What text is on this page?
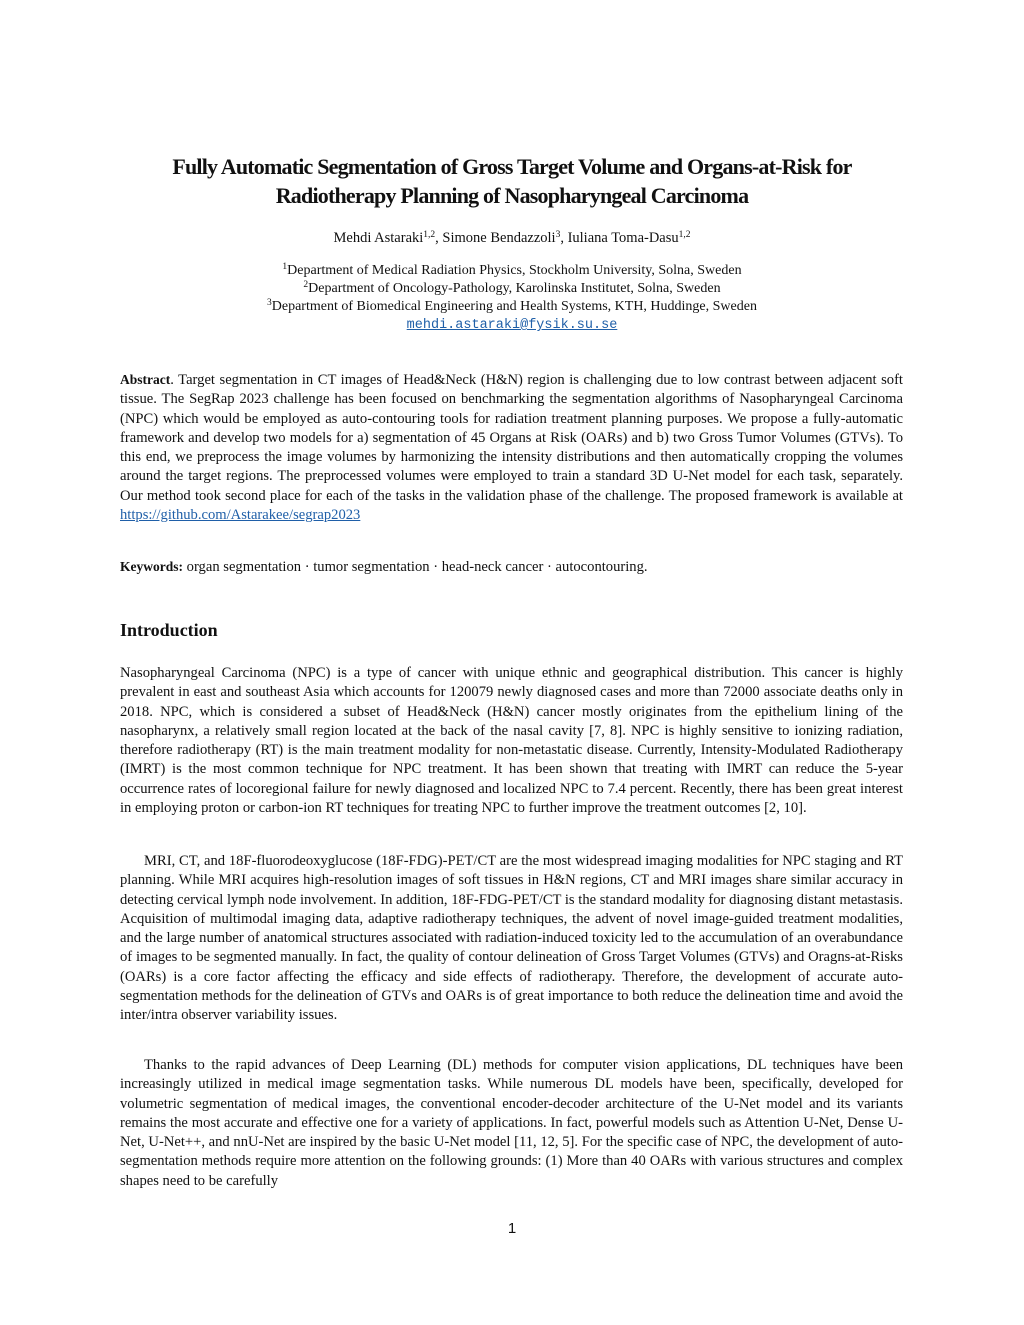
Fully Automatic Segmentation of Gross Target Volume and Organs-at-Risk for
Radiotherapy Planning of Nasopharyngeal Carcinoma

Mehdi Astaraki$^{1,2}$, Simone Bendazzoli$^3$, Iuliana Toma-Dasu$^{1,2}$

$^1$Department of Medical Radiation Physics, Stockholm University, Solna, Sweden
$^2$Department of Oncology-Pathology, Karolinska Institutet, Solna, Sweden
$^3$Department of Biomedical Engineering and Health Systems, KTH, Huddinge, Sweden
mehdi.astaraki@fysik.su.se

Abstract. Target segmentation in CT images of Head&Neck (H&N) region is challenging due to low contrast between adjacent soft tissue. The SegRap 2023 challenge has been focused on benchmarking the segmentation algorithms of Nasopharyngeal Carcinoma (NPC) which would be employed as auto-contouring tools for radiation treatment planning purposes. We propose a fully-automatic framework and develop two models for a) segmentation of 45 Organs at Risk (OARs) and b) two Gross Tumor Volumes (GTVs). To this end, we preprocess the image volumes by harmonizing the intensity distributions and then automatically cropping the volumes around the target regions. The preprocessed volumes were employed to train a standard 3D U-Net model for each task, separately. Our method took second place for each of the tasks in the validation phase of the challenge. The proposed framework is available at https://github.com/Astarakee/segrap2023

Keywords: organ segmentation · tumor segmentation · head-neck cancer · autocontouring.

Introduction

Nasopharyngeal Carcinoma (NPC) is a type of cancer with unique ethnic and geographical distribution. This cancer is highly prevalent in east and southeast Asia which accounts for 120079 newly diagnosed cases and more than 72000 associate deaths only in 2018. NPC, which is considered a subset of Head&Neck (H&N) cancer mostly originates from the epithelium lining of the nasopharynx, a relatively small region located at the back of the nasal cavity [7, 8]. NPC is highly sensitive to ionizing radiation, therefore radiotherapy (RT) is the main treatment modality for non-metastatic disease. Currently, Intensity-Modulated Radiotherapy (IMRT) is the most common technique for NPC treatment. It has been shown that treating with IMRT can reduce the 5-year occurrence rates of locoregional failure for newly diagnosed and localized NPC to 7.4 percent. Recently, there has been great interest in employing proton or carbon-ion RT techniques for treating NPC to further improve the treatment outcomes [2, 10].

MRI, CT, and 18F-fluorodeoxyglucose (18F-FDG)-PET/CT are the most widespread imaging modalities for NPC staging and RT planning. While MRI acquires high-resolution images of soft tissues in H&N regions, CT and MRI images share similar accuracy in detecting cervical lymph node involvement. In addition, 18F-FDG-PET/CT is the standard modality for diagnosing distant metastasis. Acquisition of multimodal imaging data, adaptive radiotherapy techniques, the advent of novel image-guided treatment modalities, and the large number of anatomical structures associated with radiation-induced toxicity led to the accumulation of an overabundance of images to be segmented manually. In fact, the quality of contour delineation of Gross Target Volumes (GTVs) and Oragns-at-Risks (OARs) is a core factor affecting the efficacy and side effects of radiotherapy. Therefore, the development of accurate auto-segmentation methods for the delineation of GTVs and OARs is of great importance to both reduce the delineation time and avoid the inter/intra observer variability issues.

Thanks to the rapid advances of Deep Learning (DL) methods for computer vision applications, DL techniques have been increasingly utilized in medical image segmentation tasks. While numerous DL models have been, specifically, developed for volumetric segmentation of medical images, the conventional encoder-decoder architecture of the U-Net model and its variants remains the most accurate and effective one for a variety of applications. In fact, powerful models such as Attention U-Net, Dense U-Net, U-Net++, and nnU-Net are inspired by the basic U-Net model [11, 12, 5]. For the specific case of NPC, the development of auto-segmentation methods require more attention on the following grounds: (1) More than 40 OARs with various structures and complex shapes need to be carefully

1
